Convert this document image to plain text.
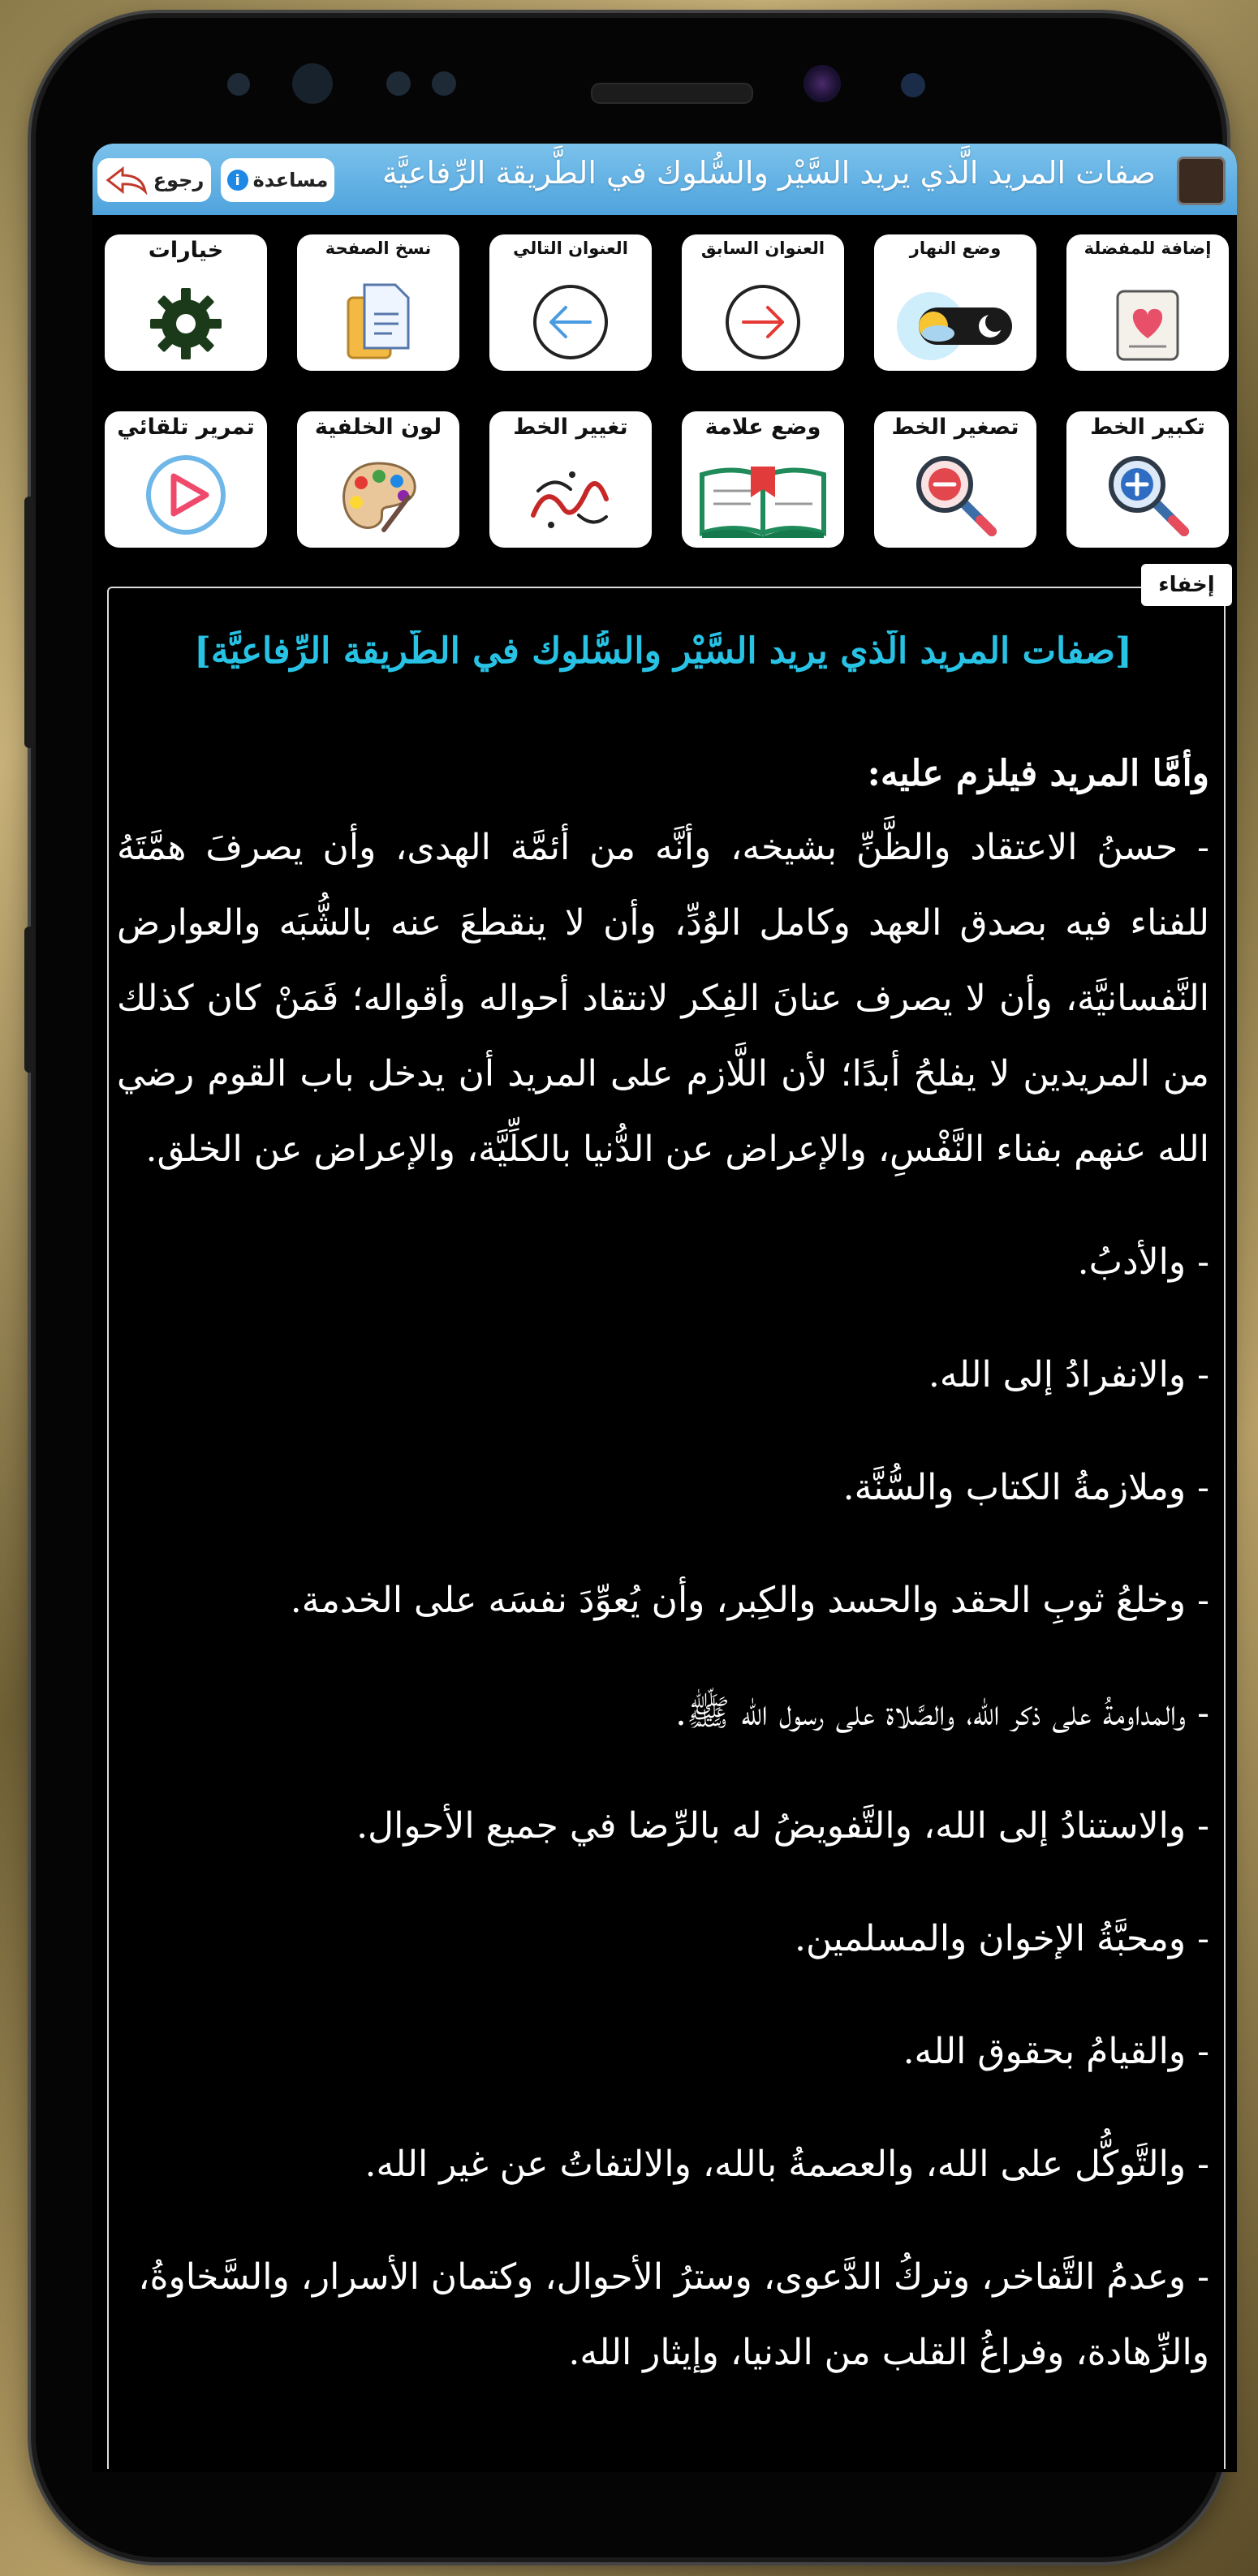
رجوع	i مساعدة صفات المريد الَّذي يريد السَّيْر والسُّلوك في الطَّريقة الرِّفاعيَّة
إضافة للمفضلة
وضع النهار
العنوان السابق
العنوان التالي
نسخ الصفحة
خيارات
تكبير الخط
تصغير الخط
وضع علامة
تغيير الخط
لون الخلفية
تمرير تلقائي
إخفاء
[صفات المريد الَّذي يريد السَّيْر والسُّلوك في الطَّريقة الرِّفاعيَّة]
وأمَّا المريد فيلزم عليه:
- حسنُ الاعتقاد والظَّنِّ بشيخه، وأنَّه من أئمَّة الهدى، وأن يصرفَ همَّتَهُ للفناء فيه بصدق العهد وكامل الوُدِّ، وأن لا ينقطعَ عنه بالشُّبَه والعوارض النَّفسانيَّة، وأن لا يصرف عنانَ الفِكر لانتقاد أحواله وأقواله؛ فَمَنْ كان كذلك من المريدين لا يفلحُ أبدًا؛ لأن اللَّازم على المريد أن يدخل باب القوم رضي الله عنهم بفناء النَّفْسِ، والإعراض عن الدُّنيا بالكلِّيَّة، والإعراض عن الخلق.
- والأدبُ.
- والانفرادُ إلى الله.
- وملازمةُ الكتاب والسُّنَّة.
- وخلعُ ثوبِ الحقد والحسد والكِبر، وأن يُعوِّدَ نفسَه على الخدمة.
- والمداومةُ على ذكر الله، والصَّلاة على رسول الله ﷺ.
- والاستنادُ إلى الله، والتَّفويضُ له بالرِّضا في جميع الأحوال.
- ومحبَّةُ الإخوان والمسلمين.
- والقيامُ بحقوق الله.
- والتَّوكُّل على الله، والعصمةُ بالله، والالتفاتُ عن غير الله.
- وعدمُ التَّفاخر، وتركُ الدَّعوى، وسترُ الأحوال، وكتمان الأسرار، والسَّخاوةُ، والزِّهادة، وفراغُ القلب من الدنيا، وإيثار الله.
